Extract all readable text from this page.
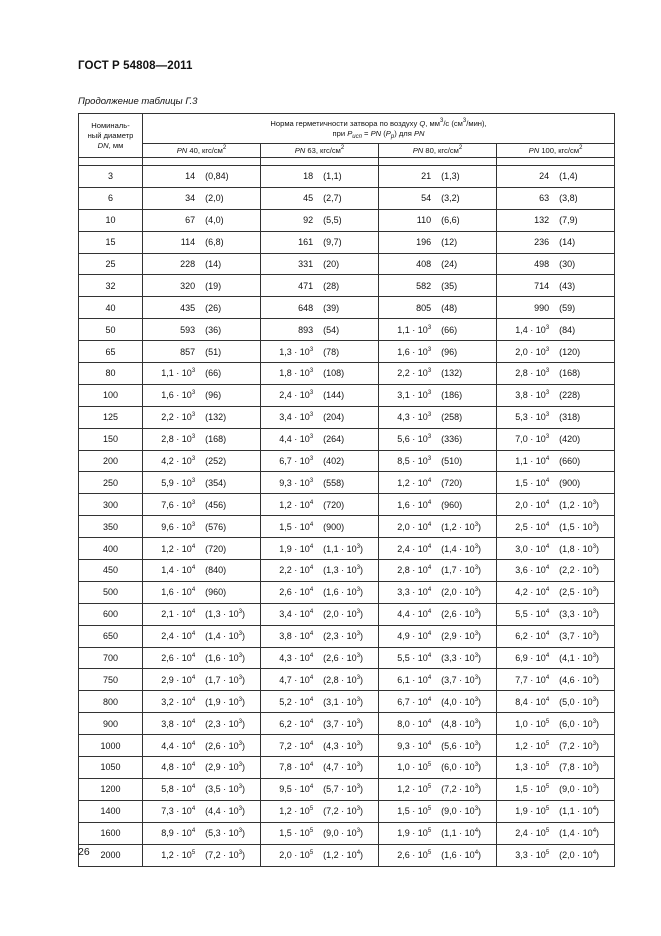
ГОСТ Р 54808—2011
Продолжение таблицы Г.3
Номиналь-
ный диаметр
DN, мм	Норма герметичности затвора по воздуху Q, $мм^3/с$ $(см^3/мин)$,
при $P_{исп}$ = PN $(P_p)$ для PN			
	PN 40, кгс/$см^2$	PN 63, кгс/$см^2$	PN 80, кгс/$см^2$	PN 100, кгс/$см^2$

3	14 (0,84)	18 (1,1)	21 (1,3)	24 (1,4)
6	34 (2,0)	45 (2,7)	54 (3,2)	63 (3,8)
10	67 (4,0)	92 (5,5)	110 (6,6)	132 (7,9)
15	114 (6,8)	161 (9,7)	196 (12)	236 (14)
25	228 (14)	331 (20)	408 (24)	498 (30)
32	320 (19)	471 (28)	582 (35)	714 (43)
40	435 (26)	648 (39)	805 (48)	990 (59)
50	593 (36)	893 (54)	$1,1 \cdot 10^3$ (66)	$1,4 \cdot 10^3$ (84)
65	857 (51)	$1,3 \cdot 10^3$ (78)	$1,6 \cdot 10^3$ (96)	$2,0 \cdot 10^3$ (120)
80	$1,1 \cdot 10^3$ (66)	$1,8 \cdot 10^3$ (108)	$2,2 \cdot 10^3$ (132)	$2,8 \cdot 10^3$ (168)
100	$1,6 \cdot 10^3$ (96)	$2,4 \cdot 10^3$ (144)	$3,1 \cdot 10^3$ (186)	$3,8 \cdot 10^3$ (228)
125	$2,2 \cdot 10^3$ (132)	$3,4 \cdot 10^3$ (204)	$4,3 \cdot 10^3$ (258)	$5,3 \cdot 10^3$ (318)
150	$2,8 \cdot 10^3$ (168)	$4,4 \cdot 10^3$ (264)	$5,6 \cdot 10^3$ (336)	$7,0 \cdot 10^3$ (420)
200	$4,2 \cdot 10^3$ (252)	$6,7 \cdot 10^3$ (402)	$8,5 \cdot 10^3$ (510)	$1,1 \cdot 10^4$ (660)
250	$5,9 \cdot 10^3$ (354)	$9,3 \cdot 10^3$ (558)	$1,2 \cdot 10^4$ (720)	$1,5 \cdot 10^4$ (900)
300	$7,6 \cdot 10^3$ (456)	$1,2 \cdot 10^4$ (720)	$1,6 \cdot 10^4$ (960)	$2,0 \cdot 10^4$ $(1,2 \cdot 10^3)$
350	$9,6 \cdot 10^3$ (576)	$1,5 \cdot 10^4$ (900)	$2,0 \cdot 10^4$ $(1,2 \cdot 10^3)$	$2,5 \cdot 10^4$ $(1,5 \cdot 10^3)$
400	$1,2 \cdot 10^4$ (720)	$1,9 \cdot 10^4$ $(1,1 \cdot 10^3)$	$2,4 \cdot 10^4$ $(1,4 \cdot 10^3)$	$3,0 \cdot 10^4$ $(1,8 \cdot 10^3)$
450	$1,4 \cdot 10^4$ (840)	$2,2 \cdot 10^4$ $(1,3 \cdot 10^3)$	$2,8 \cdot 10^4$ $(1,7 \cdot 10^3)$	$3,6 \cdot 10^4$ $(2,2 \cdot 10^3)$
500	$1,6 \cdot 10^4$ (960)	$2,6 \cdot 10^4$ $(1,6 \cdot 10^3)$	$3,3 \cdot 10^4$ $(2,0 \cdot 10^3)$	$4,2 \cdot 10^4$ $(2,5 \cdot 10^3)$
600	$2,1 \cdot 10^4$ $(1,3 \cdot 10^3)$	$3,4 \cdot 10^4$ $(2,0 \cdot 10^3)$	$4,4 \cdot 10^4$ $(2,6 \cdot 10^3)$	$5,5 \cdot 10^4$ $(3,3 \cdot 10^3)$
650	$2,4 \cdot 10^4$ $(1,4 \cdot 10^3)$	$3,8 \cdot 10^4$ $(2,3 \cdot 10^3)$	$4,9 \cdot 10^4$ $(2,9 \cdot 10^3)$	$6,2 \cdot 10^4$ $(3,7 \cdot 10^3)$
700	$2,6 \cdot 10^4$ $(1,6 \cdot 10^3)$	$4,3 \cdot 10^4$ $(2,6 \cdot 10^3)$	$5,5 \cdot 10^4$ $(3,3 \cdot 10^3)$	$6,9 \cdot 10^4$ $(4,1 \cdot 10^3)$
750	$2,9 \cdot 10^4$ $(1,7 \cdot 10^3)$	$4,7 \cdot 10^4$ $(2,8 \cdot 10^3)$	$6,1 \cdot 10^4$ $(3,7 \cdot 10^3)$	$7,7 \cdot 10^4$ $(4,6 \cdot 10^3)$
800	$3,2 \cdot 10^4$ $(1,9 \cdot 10^3)$	$5,2 \cdot 10^4$ $(3,1 \cdot 10^3)$	$6,7 \cdot 10^4$ $(4,0 \cdot 10^3)$	$8,4 \cdot 10^4$ $(5,0 \cdot 10^3)$
900	$3,8 \cdot 10^4$ $(2,3 \cdot 10^3)$	$6,2 \cdot 10^4$ $(3,7 \cdot 10^3)$	$8,0 \cdot 10^4$ $(4,8 \cdot 10^3)$	$1,0 \cdot 10^5$ $(6,0 \cdot 10^3)$
1000	$4,4 \cdot 10^4$ $(2,6 \cdot 10^3)$	$7,2 \cdot 10^4$ $(4,3 \cdot 10^3)$	$9,3 \cdot 10^4$ $(5,6 \cdot 10^3)$	$1,2 \cdot 10^5$ $(7,2 \cdot 10^3)$
1050	$4,8 \cdot 10^4$ $(2,9 \cdot 10^3)$	$7,8 \cdot 10^4$ $(4,7 \cdot 10^3)$	$1,0 \cdot 10^5$ $(6,0 \cdot 10^3)$	$1,3 \cdot 10^5$ $(7,8 \cdot 10^3)$
1200	$5,8 \cdot 10^4$ $(3,5 \cdot 10^3)$	$9,5 \cdot 10^4$ $(5,7 \cdot 10^3)$	$1,2 \cdot 10^5$ $(7,2 \cdot 10^3)$	$1,5 \cdot 10^5$ $(9,0 \cdot 10^3)$
1400	$7,3 \cdot 10^4$ $(4,4 \cdot 10^3)$	$1,2 \cdot 10^5$ $(7,2 \cdot 10^3)$	$1,5 \cdot 10^5$ $(9,0 \cdot 10^3)$	$1,9 \cdot 10^5$ $(1,1 \cdot 10^4)$
1600	$8,9 \cdot 10^4$ $(5,3 \cdot 10^3)$	$1,5 \cdot 10^5$ $(9,0 \cdot 10^3)$	$1,9 \cdot 10^5$ $(1,1 \cdot 10^4)$	$2,4 \cdot 10^5$ $(1,4 \cdot 10^4)$
2000	$1,2 \cdot 10^5$ $(7,2 \cdot 10^3)$	$2,0 \cdot 10^5$ $(1,2 \cdot 10^4)$	$2,6 \cdot 10^5$ $(1,6 \cdot 10^4)$	$3,3 \cdot 10^5$ $(2,0 \cdot 10^4)$
26
